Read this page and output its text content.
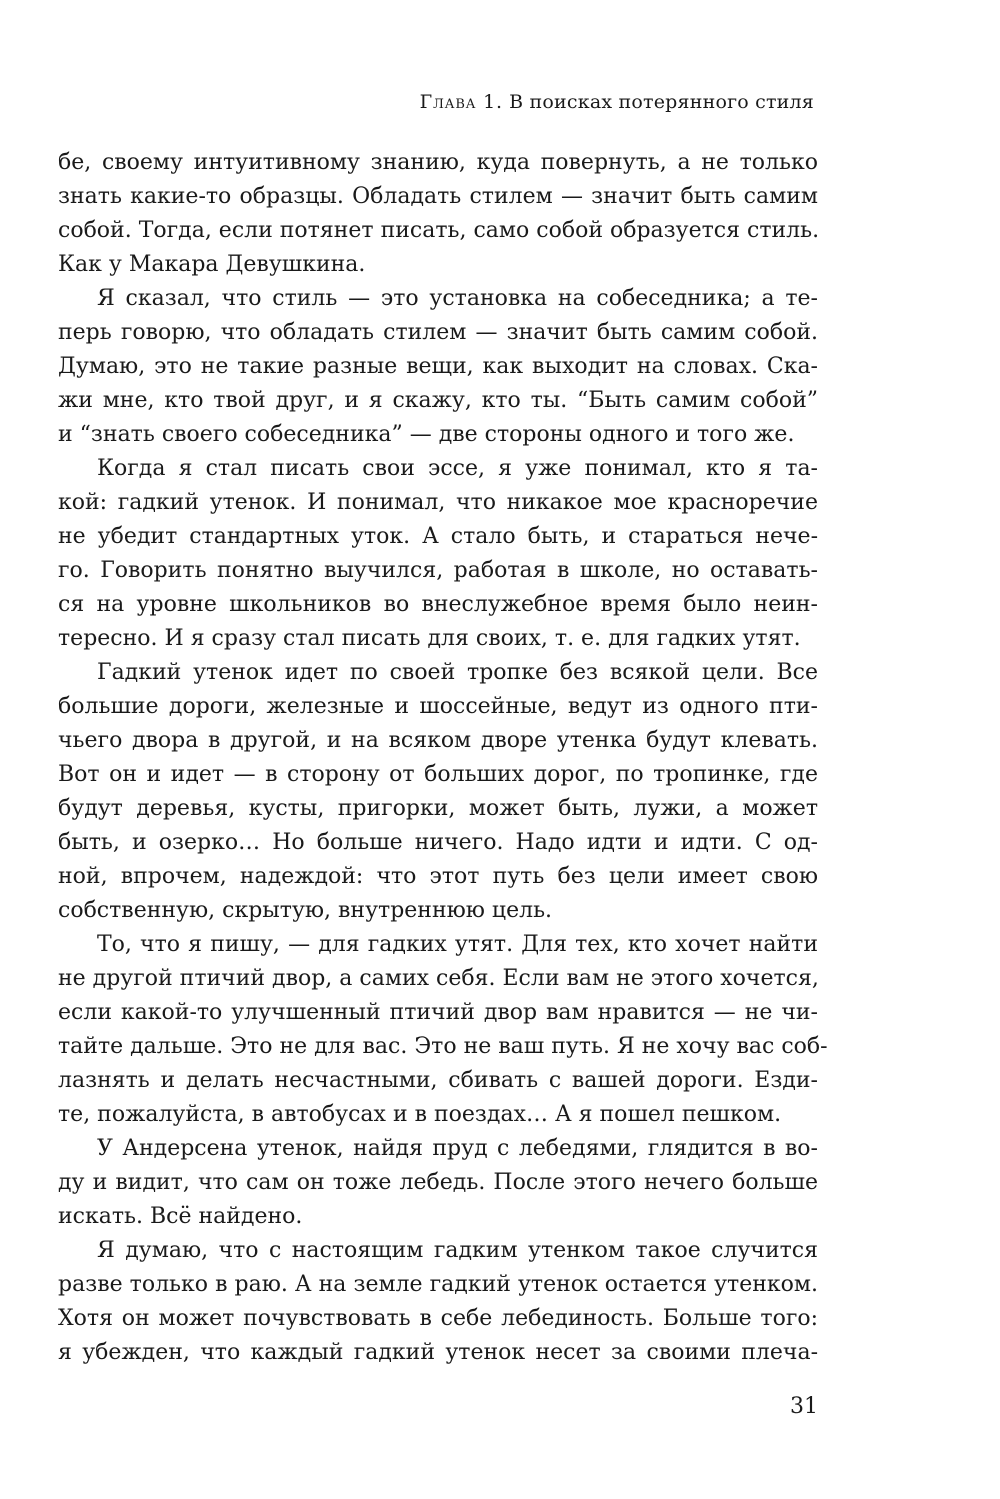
Глава 1. В поисках потерянного стиля
бе, своему интуитивному знанию, куда повернуть, а не только
знать какие-то образцы. Обладать стилем — значит быть самим
собой. Тогда, если потянет писать, само собой образуется стиль.
Как у Макара Девушкина.
Я сказал, что стиль — это установка на собеседника; а те-
перь говорю, что обладать стилем — значит быть самим собой.
Думаю, это не такие разные вещи, как выходит на словах. Ска-
жи мне, кто твой друг, и я скажу, кто ты. “Быть самим собой”
и “знать своего собеседника” — две стороны одного и того же.
Когда я стал писать свои эссе, я уже понимал, кто я та-
кой: гадкий утенок. И понимал, что никакое мое красноречие
не убедит стандартных уток. А стало быть, и стараться нече-
го. Говорить понятно выучился, работая в школе, но оставать-
ся на уровне школьников во внеслужебное время было неин-
тересно. И я сразу стал писать для своих, т. е. для гадких утят.
Гадкий утенок идет по своей тропке без всякой цели. Все
большие дороги, железные и шоссейные, ведут из одного пти-
чьего двора в другой, и на всяком дворе утенка будут клевать.
Вот он и идет — в сторону от больших дорог, по тропинке, где
будут деревья, кусты, пригорки, может быть, лужи, а может
быть, и озерко… Но больше ничего. Надо идти и идти. С од-
ной, впрочем, надеждой: что этот путь без цели имеет свою
собственную, скрытую, внутреннюю цель.
То, что я пишу, — для гадких утят. Для тех, кто хочет найти
не другой птичий двор, а самих себя. Если вам не этого хочется,
если какой-то улучшенный птичий двор вам нравится — не чи-
тайте дальше. Это не для вас. Это не ваш путь. Я не хочу вас соб-
лазнять и делать несчастными, сбивать с вашей дороги. Езди-
те, пожалуйста, в автобусах и в поездах… А я пошел пешком.
У Андерсена утенок, найдя пруд с лебедями, глядится в во-
ду и видит, что сам он тоже лебедь. После этого нечего больше
искать. Всё найдено.
Я думаю, что с настоящим гадким утенком такое случится
разве только в раю. А на земле гадкий утенок остается утенком.
Хотя он может почувствовать в себе лебединость. Больше того:
я убежден, что каждый гадкий утенок несет за своими плеча-
31
